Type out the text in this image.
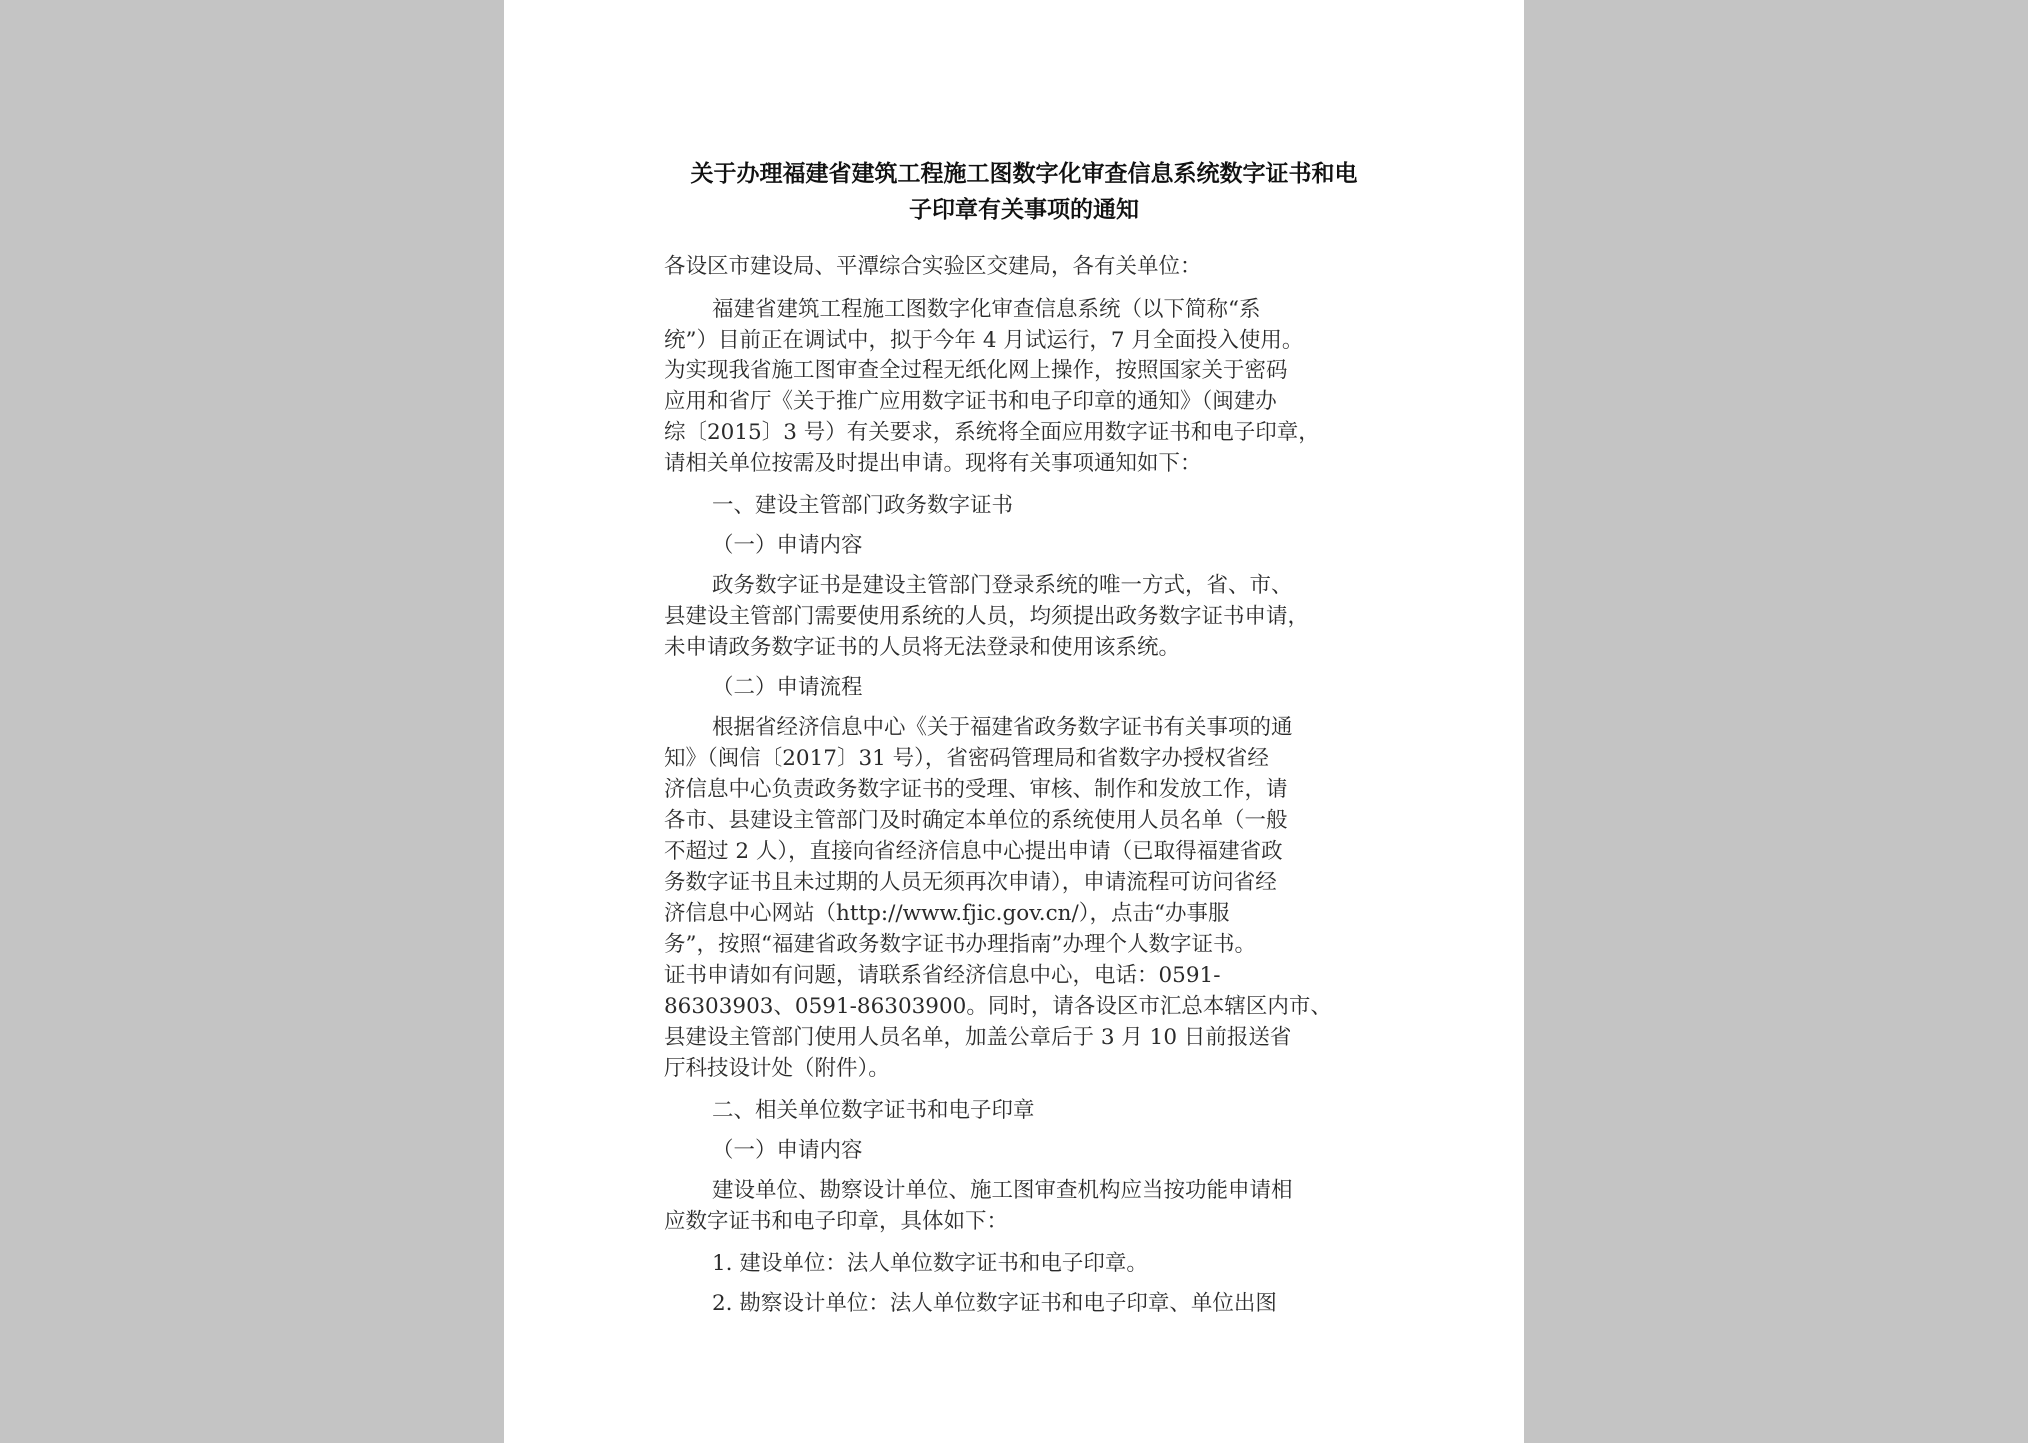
关于办理福建省建筑工程施工图数字化审查信息系统数字证书和电
子印章有关事项的通知
各设区市建设局、平潭综合实验区交建局，各有关单位：
福建省建筑工程施工图数字化审查信息系统（以下简称“系
统”）目前正在调试中，拟于今年 4 月试运行，7 月全面投入使用。
为实现我省施工图审查全过程无纸化网上操作，按照国家关于密码
应用和省厅《关于推广应用数字证书和电子印章的通知》（闽建办
综〔2015〕3 号）有关要求，系统将全面应用数字证书和电子印章，
请相关单位按需及时提出申请。现将有关事项通知如下：
一、建设主管部门政务数字证书
（一）申请内容
政务数字证书是建设主管部门登录系统的唯一方式，省、市、
县建设主管部门需要使用系统的人员，均须提出政务数字证书申请，
未申请政务数字证书的人员将无法登录和使用该系统。
（二）申请流程
根据省经济信息中心《关于福建省政务数字证书有关事项的通
知》（闽信〔2017〕31 号），省密码管理局和省数字办授权省经
济信息中心负责政务数字证书的受理、审核、制作和发放工作，请
各市、县建设主管部门及时确定本单位的系统使用人员名单（一般
不超过 2 人），直接向省经济信息中心提出申请（已取得福建省政
务数字证书且未过期的人员无须再次申请），申请流程可访问省经
济信息中心网站（http://www.fjic.gov.cn/），点击“办事服
务”，按照“福建省政务数字证书办理指南”办理个人数字证书。
证书申请如有问题，请联系省经济信息中心，电话：0591-
86303903、0591-86303900。同时，请各设区市汇总本辖区内市、
县建设主管部门使用人员名单，加盖公章后于 3 月 10 日前报送省
厅科技设计处（附件）。
二、相关单位数字证书和电子印章
（一）申请内容
建设单位、勘察设计单位、施工图审查机构应当按功能申请相
应数字证书和电子印章，具体如下：
1. 建设单位：法人单位数字证书和电子印章。
2. 勘察设计单位：法人单位数字证书和电子印章、单位出图
